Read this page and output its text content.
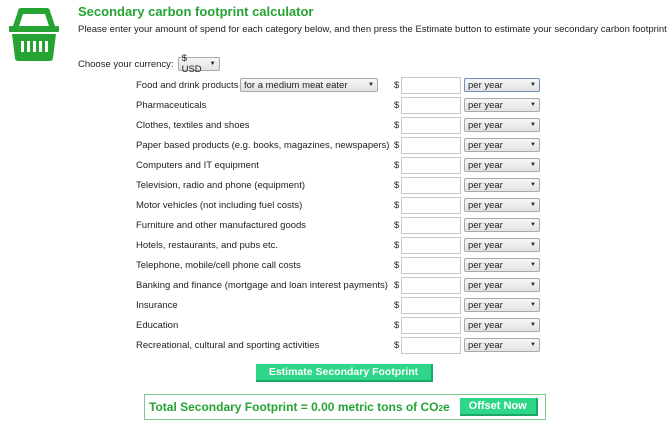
Secondary carbon footprint calculator
Please enter your amount of spend for each category below, and then press the Estimate button to estimate your secondary carbon footprint
Choose your currency: $ USD	▼
Food and drink products for a medium meat eater	▼ $	per year	▼
Pharmaceuticals	$	per year	▼
Clothes, textiles and shoes	$	per year	▼
Paper based products (e.g. books, magazines, newspapers) $	per year	▼
Computers and IT equipment	$	per year	▼
Television, radio and phone (equipment)	$	per year	▼
Motor vehicles (not including fuel costs)	$	per year	▼
Furniture and other manufactured goods	$	per year	▼
Hotels, restaurants, and pubs etc.	$	per year	▼
Telephone, mobile/cell phone call costs	$	per year	▼
Banking and finance (mortgage and loan interest payments) $	per year	▼
Insurance	$	per year	▼
Education	$	per year	▼
Recreational, cultural and sporting activities	$	per year	▼
Estimate Secondary Footprint
Total Secondary Footprint = 0.00 metric tons of CO2e	Offset Now
